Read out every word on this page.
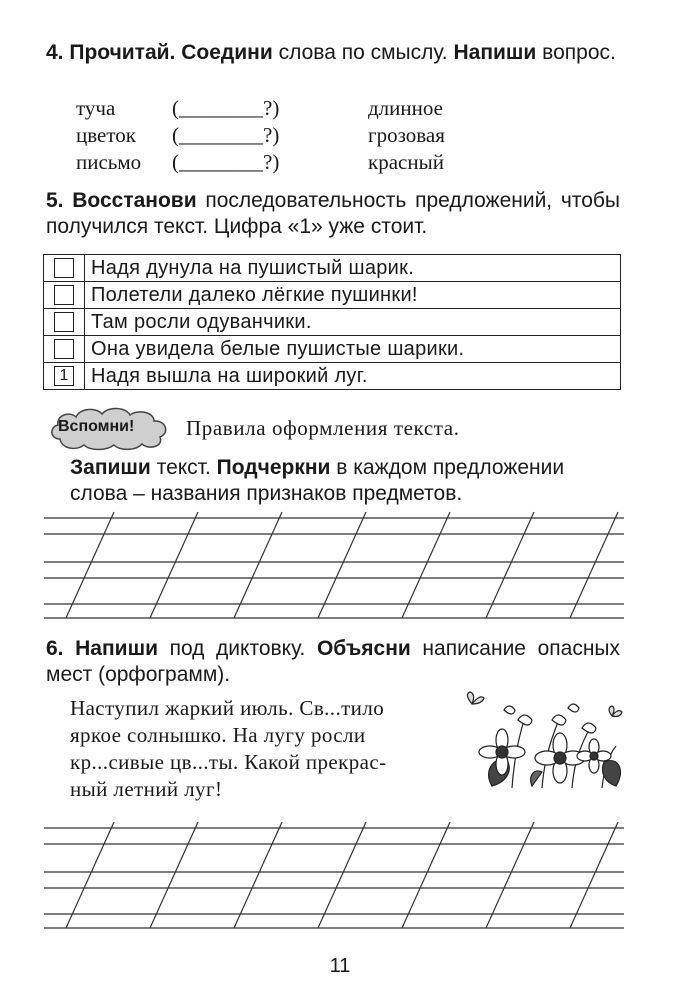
4. Прочитай. Соедини слова по смыслу. Напиши вопрос.
туча	(________?)	длинное
цветок (________?)	грозовая
письмо (________?)	красный
5. Восстанови последовательность предложений, чтобы получился текст. Цифра «1» уже стоит.
	Надя дунула на пушистый шарик.
	Полетели далеко лёгкие пушинки!
	Там росли одуванчики.
	Она увидела белые пушистые шарики.
1	Надя вышла на широкий луг.
Вспомни! Правила оформления текста.
Запиши текст. Подчеркни в каждом предложении слова – названия признаков предметов.
6. Напиши под диктовку. Объясни написание опасных мест (орфограмм).
Наступил жаркий июль. Св...тило
яркое солнышко. На лугу росли
кр...сивые цв...ты. Какой прекрас-
ный летний луг!
11
